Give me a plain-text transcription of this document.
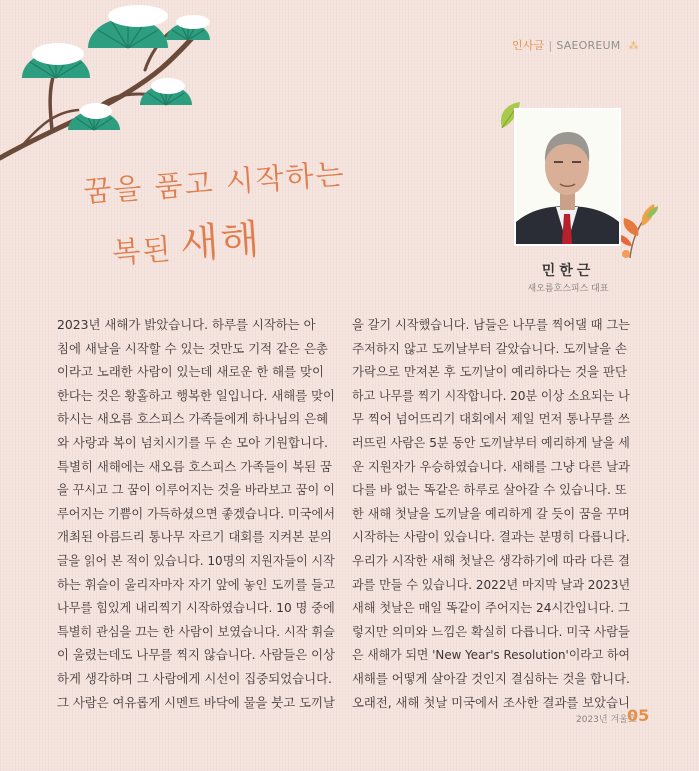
인사글 | SAEOREUM ⁂
꿈을 품고 시작하는
복된 새해
민한근
새오름호스피스 대표
2023년 새해가 밝았습니다. 하루를 시작하는 아
침에 새날을 시작할 수 있는 것만도 기적 같은 은총
이라고 노래한 사람이 있는데 새로운 한 해를 맞이
한다는 것은 황홀하고 행복한 일입니다. 새해를 맞이
하시는 새오름 호스피스 가족들에게 하나님의 은혜
와 사랑과 복이 넘치시기를 두 손 모아 기원합니다.
특별히 새해에는 새오름 호스피스 가족들이 복된 꿈
을 꾸시고 그 꿈이 이루어지는 것을 바라보고 꿈이 이
루어지는 기쁨이 가득하셨으면 좋겠습니다. 미국에서
개최된 아름드리 통나무 자르기 대회를 지켜본 분의
글을 읽어 본 적이 있습니다. 10명의 지원자들이 시작
하는 휘슬이 울리자마자 자기 앞에 놓인 도끼를 들고
나무를 힘있게 내리찍기 시작하였습니다. 10 명 중에
특별히 관심을 끄는 한 사람이 보였습니다. 시작 휘슬
이 울렸는데도 나무를 찍지 않습니다. 사람들은 이상
하게 생각하며 그 사람에게 시선이 집중되었습니다.
그 사람은 여유롭게 시멘트 바닥에 물을 붓고 도끼날
을 갈기 시작했습니다. 남들은 나무를 찍어댈 때 그는
주저하지 않고 도끼날부터 갈았습니다. 도끼날을 손
가락으로 만져본 후 도끼날이 예리하다는 것을 판단
하고 나무를 찍기 시작합니다. 20분 이상 소요되는 나
무 찍어 넘어뜨리기 대회에서 제일 먼저 통나무를 쓰
러뜨린 사람은 5분 동안 도끼날부터 예리하게 날을 세
운 지원자가 우승하였습니다. 새해를 그냥 다른 날과
다를 바 없는 똑같은 하루로 살아갈 수 있습니다. 또
한 새해 첫날을 도끼날을 예리하게 갈 듯이 꿈을 꾸며
시작하는 사람이 있습니다. 결과는 분명히 다릅니다.
우리가 시작한 새해 첫날은 생각하기에 따라 다른 결
과를 만들 수 있습니다. 2022년 마지막 날과 2023년
새해 첫날은 매일 똑같이 주어지는 24시간입니다. 그
렇지만 의미와 느낌은 확실히 다릅니다. 미국 사람들
은 새해가 되면 'New Year's Resolution'이라고 하여
새해를 어떻게 살아갈 것인지 결심하는 것을 합니다.
오래전, 새해 첫날 미국에서 조사한 결과를 보았습니
2023년 겨울호
05
